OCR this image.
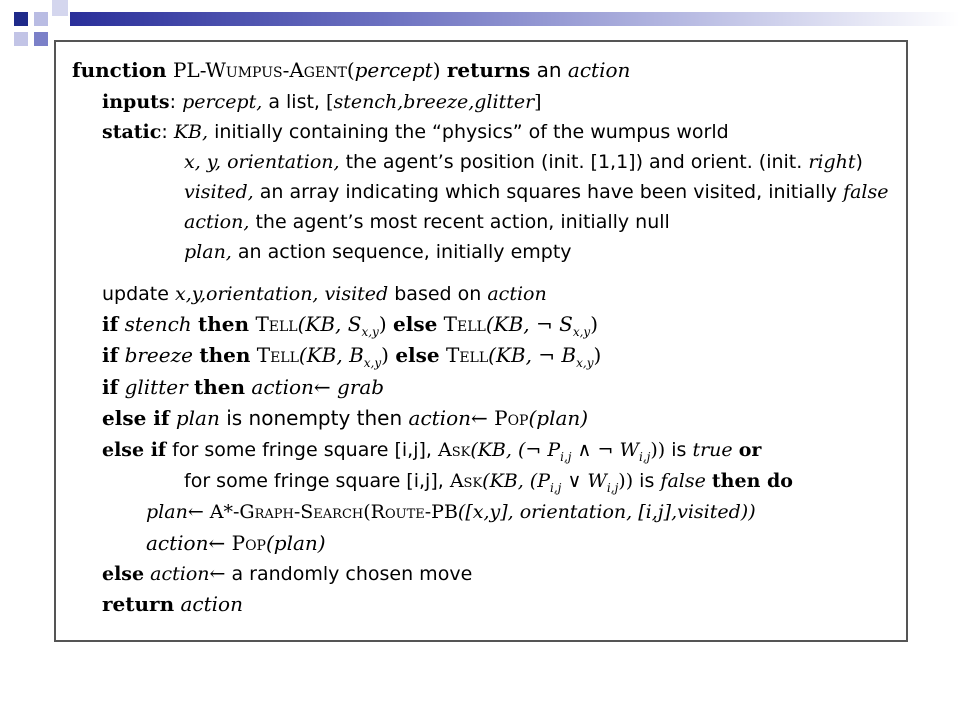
function PL-Wumpus-Agent(percept) returns an action
inputs: percept, a list, [stench,breeze,glitter]
static: KB, initially containing the “physics” of the wumpus world
x, y, orientation, the agent’s position (init. [1,1]) and orient. (init. right)
visited, an array indicating which squares have been visited, initially false
action, the agent’s most recent action, initially null
plan, an action sequence, initially empty
update x,y,orientation, visited based on action
if stench then Tell(KB, $S_{x,y}$) else Tell(KB, ¬ $S_{x,y}$)
if breeze then Tell(KB, $B_{x,y}$) else Tell(KB, ¬ $B_{x,y}$)
if glitter then action← grab
else if plan is nonempty then action← Pop(plan)
else if for some fringe square [i,j], Ask(KB, (¬ $P_{i,j}$ ∧ ¬ $W_{i,j}$)) is true or
for some fringe square [i,j], Ask(KB, ($P_{i,j}$ ∨ $W_{i,j}$)) is false then do
plan← A*-Graph-Search(Route-PB([x,y], orientation, [i,j],visited))
action← Pop(plan)
else action← a randomly chosen move
return action
